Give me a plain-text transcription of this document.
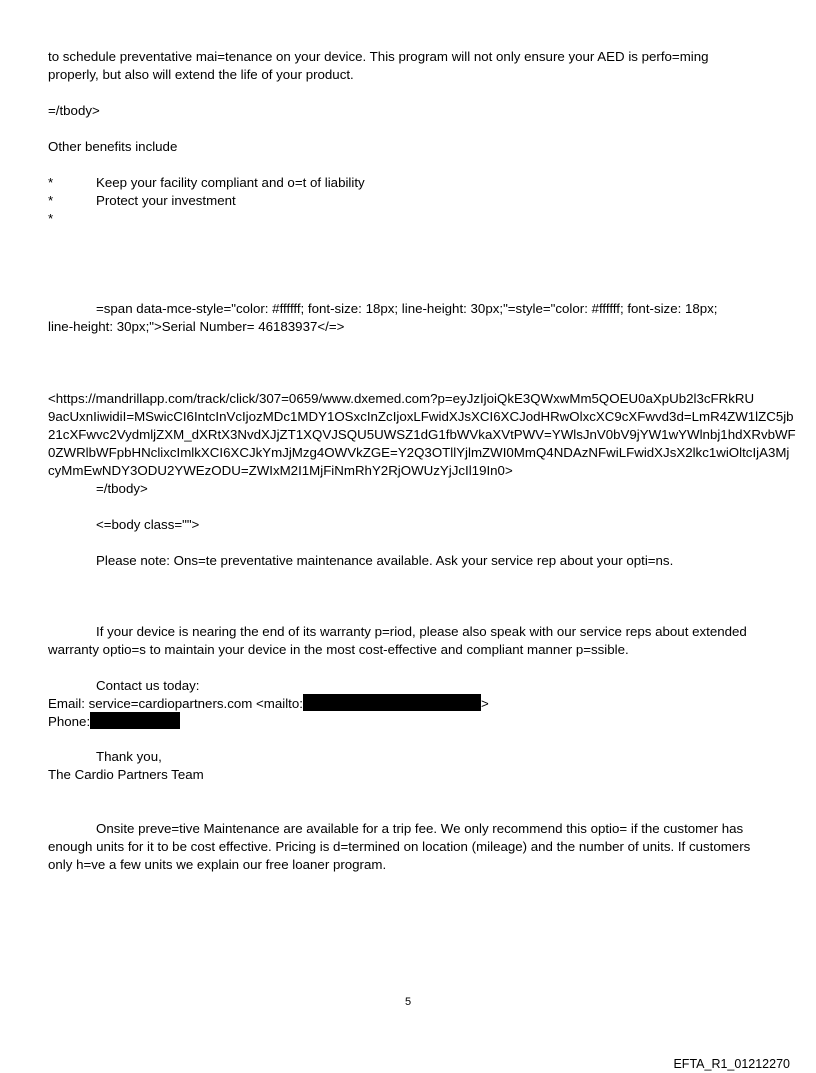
to schedule preventative mai=tenance on your device. This program will not only ensure your AED is perfo=ming
properly, but also will extend the life of your product.
=/tbody>
Other benefits include
*	Keep your facility compliant and o=t of liability
*	Protect your investment
*
=span data-mce-style="color: #ffffff; font-size: 18px; line-height: 30px;"=style="color: #ffffff; font-size: 18px;
line-height: 30px;">Serial Number= 46183937</=>
<https://mandrillapp.com/track/click/307=0659/www.dxemed.com?p=eyJzIjoiQkE3QWxwMm5QOEU0aXpUb2l3cFRkRU
9acUxnIiwidiI=MSwicCI6IntcInVcIjozMDc1MDY1OSxcInZcIjoxLFwidXJsXCI6XCJodHRwOlxcXC9cXFwvd3d=LmR4ZW1lZC5jb
21cXFwvc2VydmljZXM_dXRtX3NvdXJjZT1XQVJSQU5UWSZ1dG1fbWVkaXVtPWV=YWlsJnV0bV9jYW1wYWlnbj1hdXRvbWF
0ZWRlbWFpbHNclixcImlkXCI6XCJkYmJjMzg4OWVkZGE=Y2Q3OTllYjlmZWI0MmQ4NDAzNFwiLFwidXJsX2lkc1wiOltcIjA3Mj
cyMmEwNDY3ODU2YWEzODU=ZWIxM2I1MjFiNmRhY2RjOWUzYjJcIl19In0>
=/tbody>
<=body class="">
Please note: Ons=te preventative maintenance available. Ask your service rep about your opti=ns.
If your device is nearing the end of its warranty p=riod, please also speak with our service reps about extended
warranty optio=s to maintain your device in the most cost-effective and compliant manner p=ssible.
Contact us today:
Email: service=cardiopartners.com <mailto:	>
Phone:
Thank you,
The Cardio Partners Team
Onsite preve=tive Maintenance are available for a trip fee. We only recommend this optio= if the customer has
enough units for it to be cost effective. Pricing is d=termined on location (mileage) and the number of units. If customers
only h=ve a few units we explain our free loaner program.
5
EFTA_R1_01212270
